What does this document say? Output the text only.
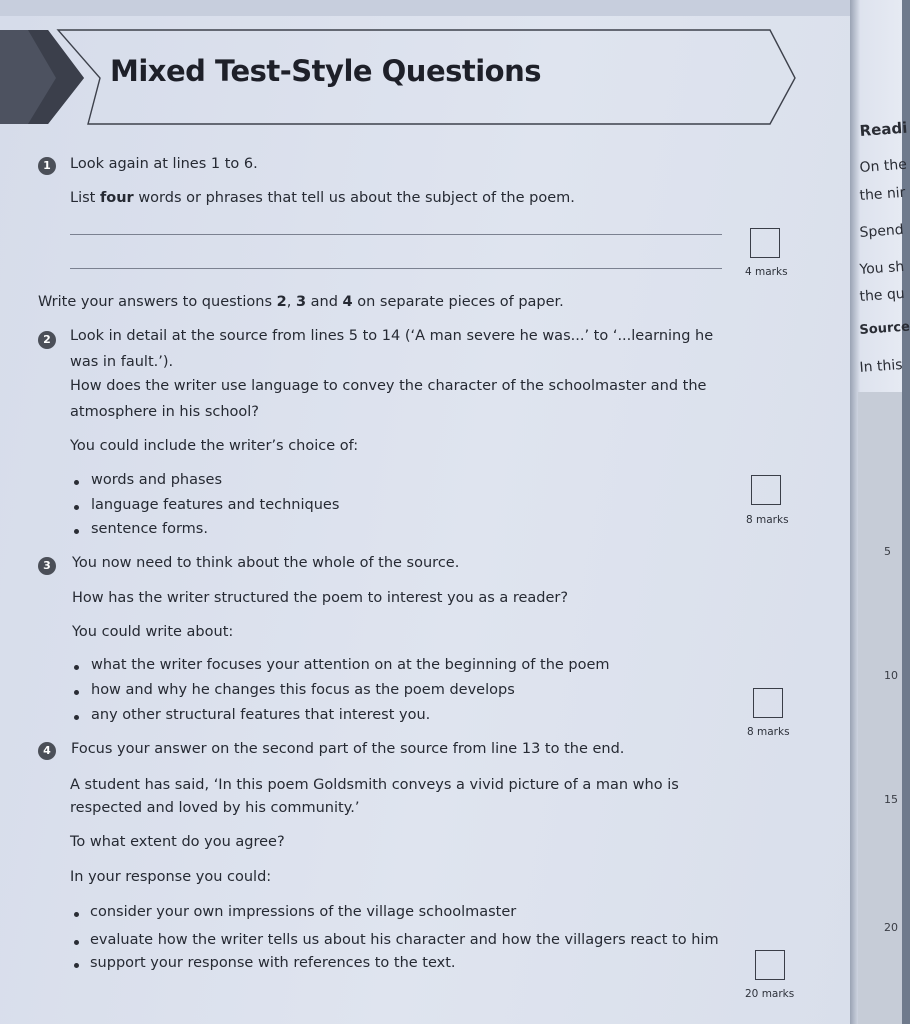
Mixed Test-Style Questions
1	Look again at lines 1 to 6.
List four words or phrases that tell us about the subject of the poem.
4 marks
Write your answers to questions 2, 3 and 4 on separate pieces of paper.
2	Look in detail at the source from lines 5 to 14 (‘A man severe he was...’ to ‘...learning he
was in fault.’).
How does the writer use language to convey the character of the schoolmaster and the
atmosphere in his school?
You could include the writer’s choice of:
words and phases
language features and techniques
sentence forms.
8 marks
3	You now need to think about the whole of the source.
How has the writer structured the poem to interest you as a reader?
You could write about:
what the writer focuses your attention on at the beginning of the poem
how and why he changes this focus as the poem develops
any other structural features that interest you.
8 marks
4	Focus your answer on the second part of the source from line 13 to the end.
A student has said, ‘In this poem Goldsmith conveys a vivid picture of a man who is
respected and loved by his community.’
To what extent do you agree?
In your response you could:
consider your own impressions of the village schoolmaster
evaluate how the writer tells us about his character and how the villagers react to him
support your response with references to the text.
20 marks
Readi
On the
the nir
Spend
You sh
the qu
Source
In this
5
10
15
20
